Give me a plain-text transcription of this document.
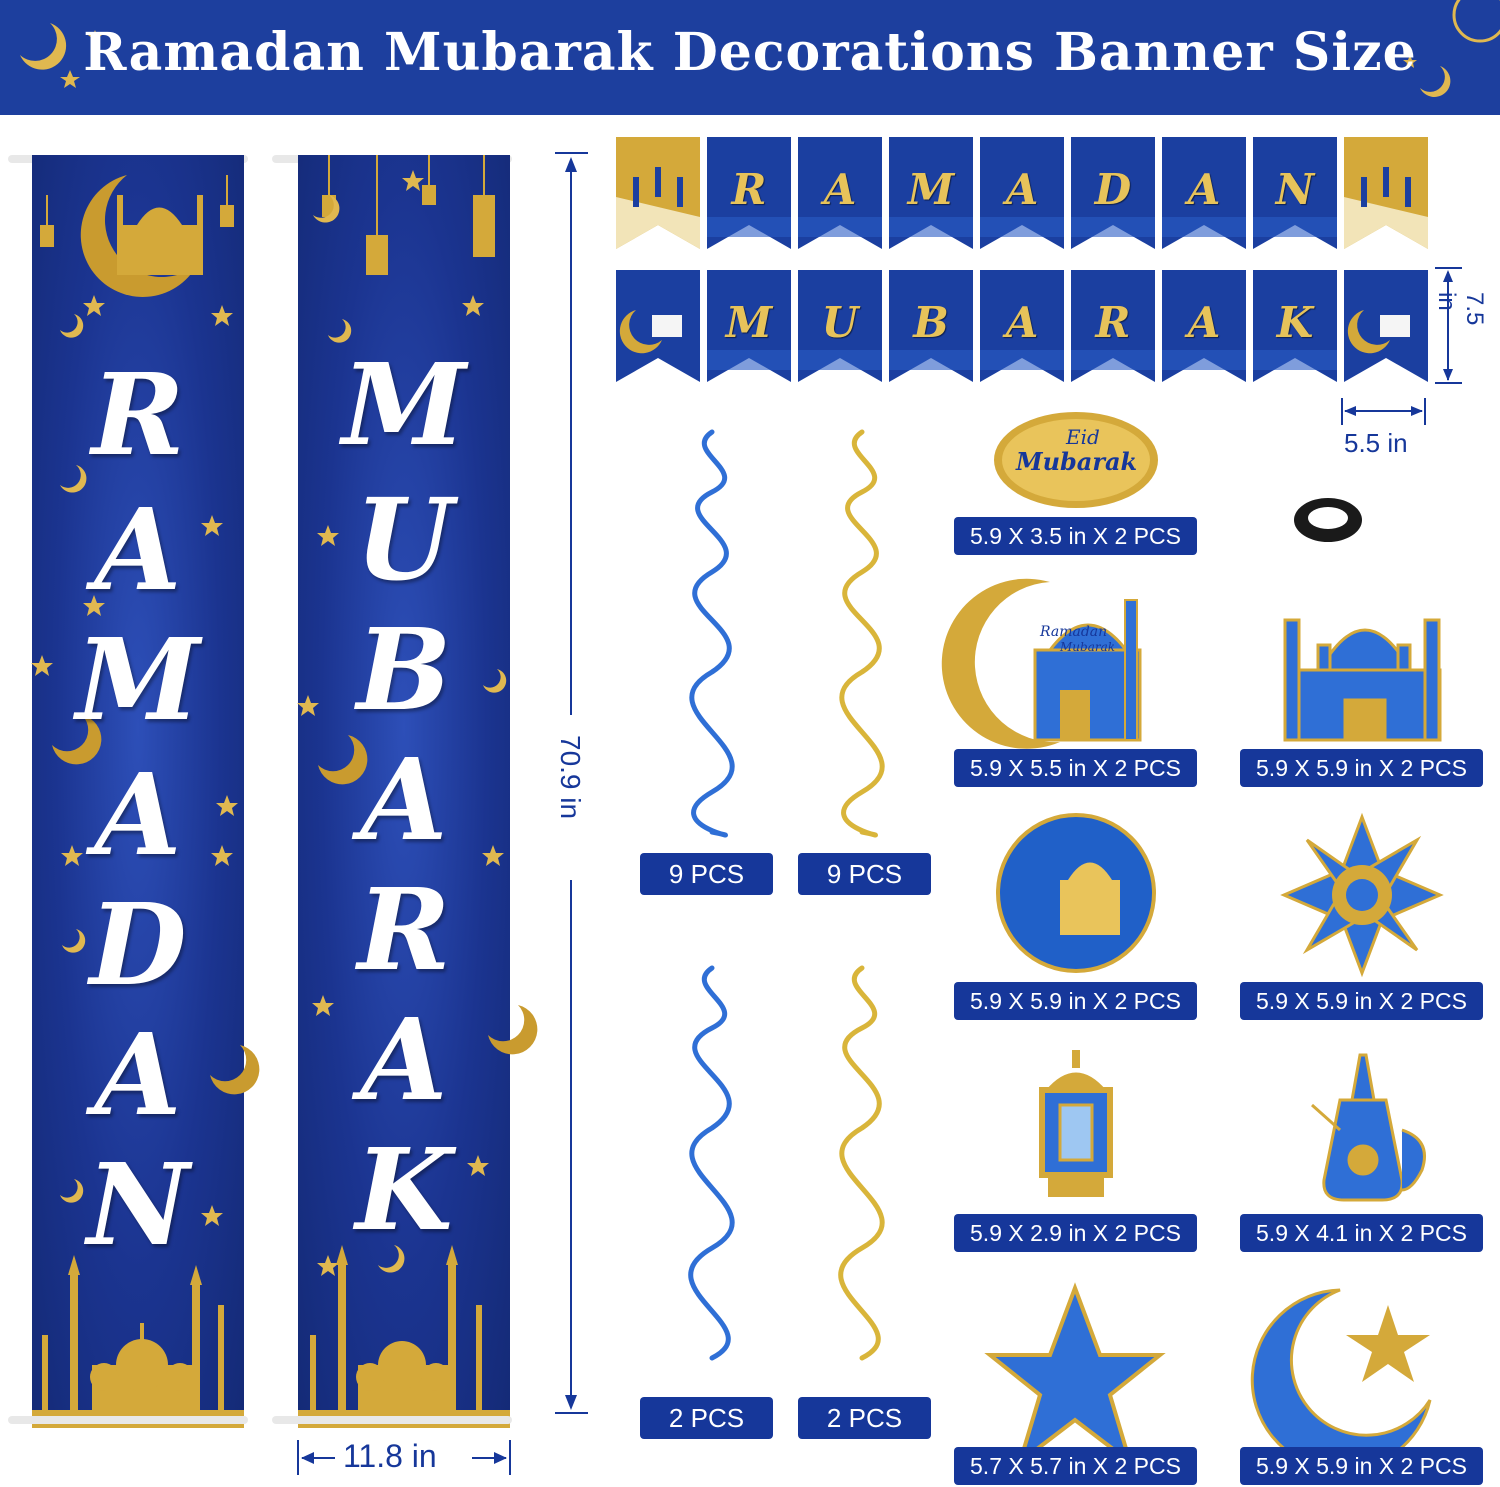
Ramadan Mubarak Decorations Banner Size
R
A
M
A
D
A
N
M
U
B
A
R
A
K
70.9 in
11.8 in
7.5 in
5.5 in
R	A	M	A	D	A	N
M	U	B	A	R	A	K
9 PCS	9 PCS
2 PCS	2 PCS
Eid
Mubarak
Ramadan
Mubarak
5.9 X 3.5 in X 2 PCS
5.9 X 5.5 in X 2 PCS	5.9 X 5.9 in X 2 PCS
5.9 X 5.9 in X 2 PCS	5.9 X 5.9 in X 2 PCS
5.9 X 2.9 in X 2 PCS	5.9 X 4.1 in X 2 PCS
5.7 X 5.7 in X 2 PCS	5.9 X 5.9 in X 2 PCS
